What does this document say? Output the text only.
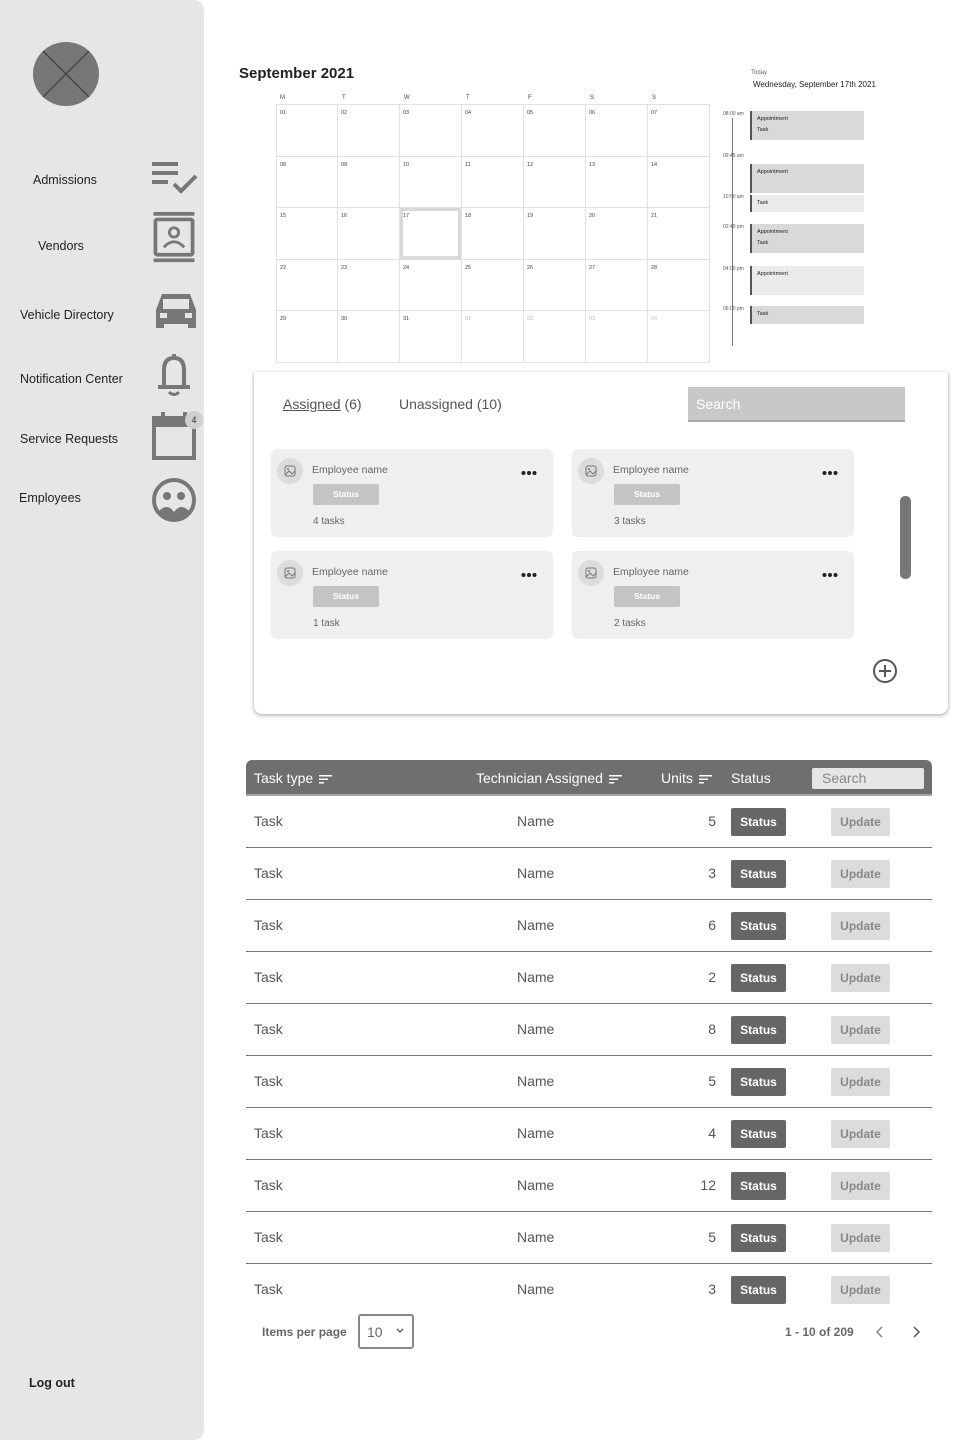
Admissions
Vendors
Vehicle Directory
Notification Center
Service Requests
4
Employees
Log out
September 2021
M	T	W	T	F	S	S
01	02	03	04	05	06	07
08	09	10	11	12	13	14
15	16	17	18	19	20	21
22	23	24	25	26	27	28
29	30	31	01	02	03	04
Today
Wednesday, September 17th 2021
08:00 am
09:45 am
10:50 am
02:40 pm
04:00 pm
06:00 pm
Appointment
Task
Appointment
Task
Appointment
Task
Appointment
Task
Assigned (6)	Unassigned (10)	Search
Employee name
Status
4 tasks
Employee name
Status
3 tasks
Employee name
Status
1 task
Employee name
Status
2 tasks
Task type	Technician Assigned	Units	Status	Search
Task	Name	5	Status	Update
Task	Name	3	Status	Update
Task	Name	6	Status	Update
Task	Name	2	Status	Update
Task	Name	8	Status	Update
Task	Name	5	Status	Update
Task	Name	4	Status	Update
Task	Name	12	Status	Update
Task	Name	5	Status	Update
Task	Name	3	Status	Update
Items per page	10	1 - 10 of 209
